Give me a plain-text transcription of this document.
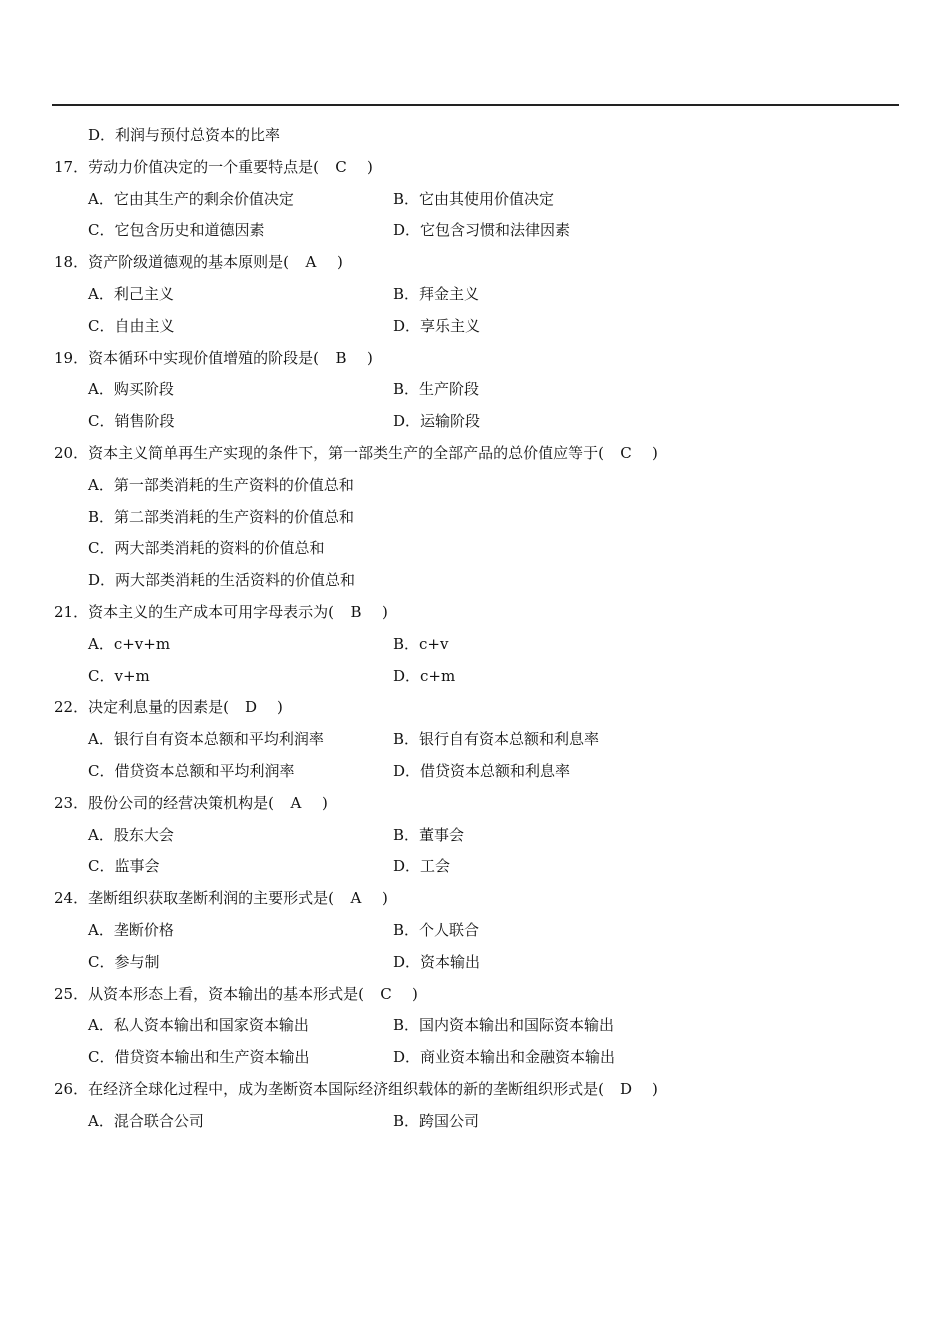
D．利润与预付总资本的比率
17．劳动力价值决定的一个重要特点是( C )
A．它由其生产的剩余价值决定	B．它由其使用价值决定
C．它包含历史和道德因素	D．它包含习惯和法律因素
18．资产阶级道德观的基本原则是( A )
A．利己主义	B．拜金主义
C．自由主义	D．享乐主义
19．资本循环中实现价值增殖的阶段是( B )
A．购买阶段	B．生产阶段
C．销售阶段	D．运输阶段
20．资本主义简单再生产实现的条件下，第一部类生产的全部产品的总价值应等于( C )
A．第一部类消耗的生产资料的价值总和
B．第二部类消耗的生产资料的价值总和
C．两大部类消耗的资料的价值总和
D．两大部类消耗的生活资料的价值总和
21．资本主义的生产成本可用字母表示为( B )
A．c+v+m	B．c+v
C．v+m	D．c+m
22．决定利息量的因素是( D )
A．银行自有资本总额和平均利润率	B．银行自有资本总额和利息率
C．借贷资本总额和平均利润率	D．借贷资本总额和利息率
23．股份公司的经营决策机构是( A )
A．股东大会	B．董事会
C．监事会	D．工会
24．垄断组织获取垄断利润的主要形式是( A )
A．垄断价格	B．个人联合
C．参与制	D．资本输出
25．从资本形态上看，资本输出的基本形式是( C )
A．私人资本输出和国家资本输出	B．国内资本输出和国际资本输出
C．借贷资本输出和生产资本输出	D．商业资本输出和金融资本输出
26．在经济全球化过程中，成为垄断资本国际经济组织载体的新的垄断组织形式是( D )
A．混合联合公司	B．跨国公司
